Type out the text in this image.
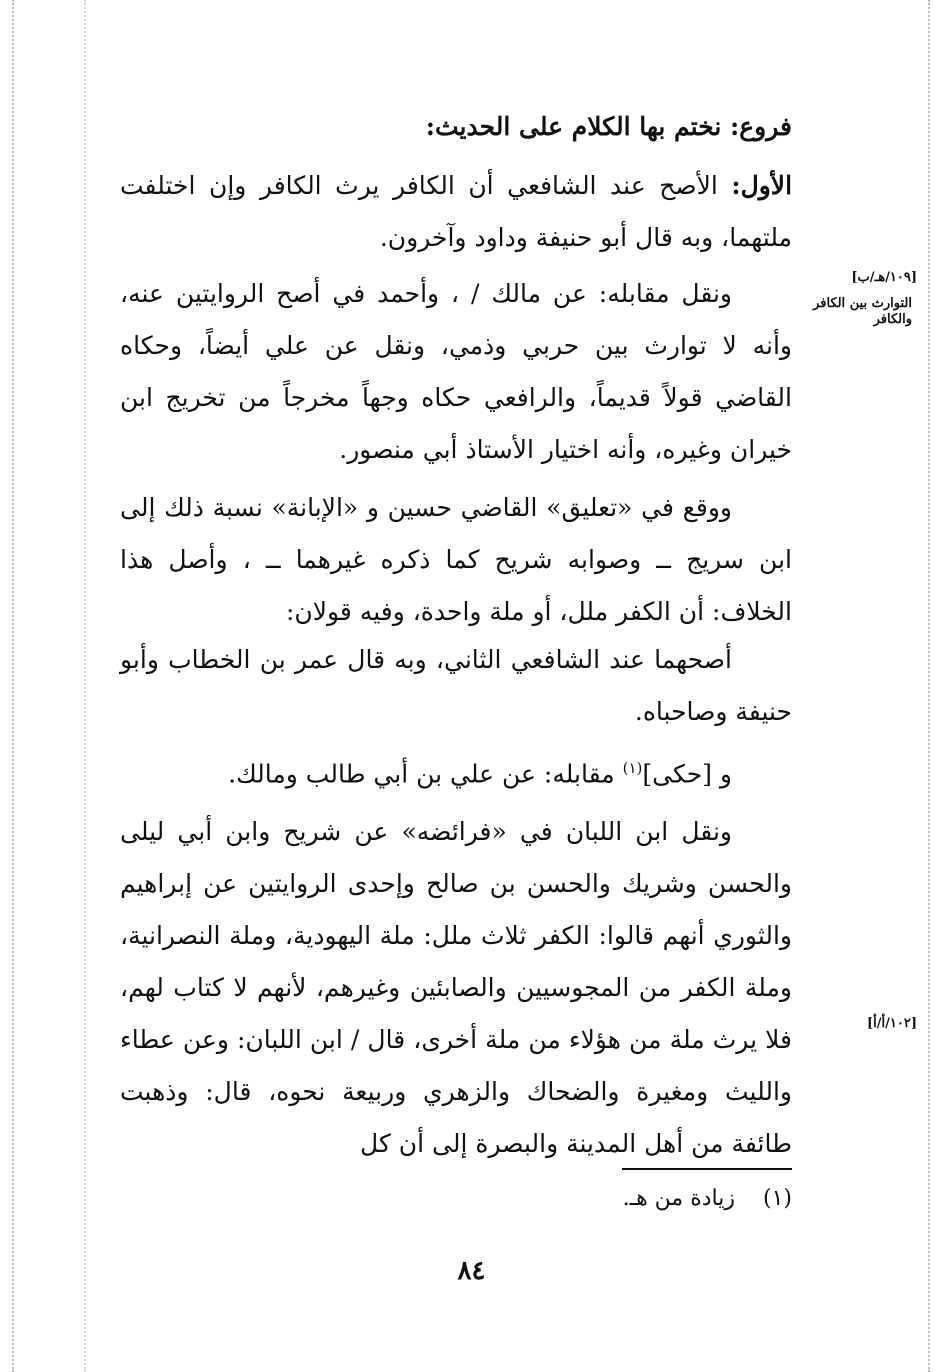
فروع: نختم بها الكلام على الحديث:
الأول: الأصح عند الشافعي أن الكافر يرث الكافر وإن اختلفت ملتهما، وبه قال أبو حنيفة وداود وآخرون.
[١٠٩/هـ/ب]
التوارث بين الكافر والكافر
ونقل مقابله: عن مالك / ، وأحمد في أصح الروايتين عنه، وأنه لا توارث بين حربي وذمي، ونقل عن علي أيضاً، وحكاه القاضي قولاً قديماً، والرافعي حكاه وجهاً مخرجاً من تخريج ابن خيران وغيره، وأنه اختيار الأستاذ أبي منصور.
ووقع في «تعليق» القاضي حسين و «الإبانة» نسبة ذلك إلى ابن سريج ــ وصوابه شريح كما ذكره غيرهما ــ ، وأصل هذا الخلاف: أن الكفر ملل، أو ملة واحدة، وفيه قولان:
أصحهما عند الشافعي الثاني، وبه قال عمر بن الخطاب وأبو حنيفة وصاحباه.
و [حكى]$^{(١)}$ مقابله: عن علي بن أبي طالب ومالك.
ونقل ابن اللبان في «فرائضه» عن شريح وابن أبي ليلى والحسن وشريك والحسن بن صالح وإحدى الروايتين عن إبراهيم والثوري أنهم قالوا: الكفر ثلاث ملل: ملة اليهودية، وملة النصرانية، وملة الكفر من المجوسيين والصابئين وغيرهم، لأنهم لا كتاب لهم، فلا يرث ملة من هؤلاء من ملة أخرى، قال / ابن اللبان: وعن عطاء والليث ومغيرة والضحاك والزهري وربيعة نحوه، قال: وذهبت طائفة من أهل المدينة والبصرة إلى أن كل
[١٠٢/أ/أ]
(١)    زيادة من هـ.
٨٤
